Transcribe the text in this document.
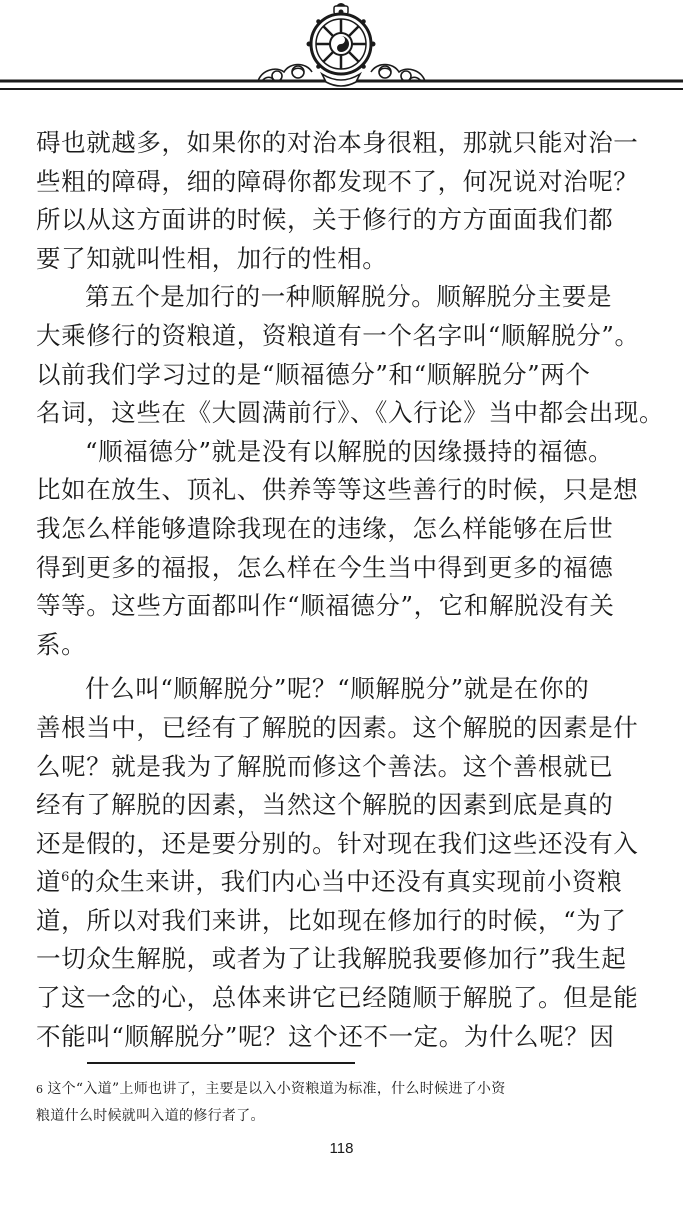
碍也就越多，如果你的对治本身很粗，那就只能对治一
些粗的障碍，细的障碍你都发现不了，何况说对治呢？
所以从这方面讲的时候，关于修行的方方面面我们都
要了知就叫性相，加行的性相。

第五个是加行的一种顺解脱分。顺解脱分主要是
大乘修行的资粮道，资粮道有一个名字叫“顺解脱分”。
以前我们学习过的是“顺福德分”和“顺解脱分”两个
名词，这些在《大圆满前行》、《入行论》当中都会出现。

“顺福德分”就是没有以解脱的因缘摄持的福德。
比如在放生、顶礼、供养等等这些善行的时候，只是想
我怎么样能够遣除我现在的违缘，怎么样能够在后世
得到更多的福报，怎么样在今生当中得到更多的福德
等等。这些方面都叫作“顺福德分”，它和解脱没有关
系。

什么叫“顺解脱分”呢？“顺解脱分”就是在你的
善根当中，已经有了解脱的因素。这个解脱的因素是什
么呢？就是我为了解脱而修这个善法。这个善根就已
经有了解脱的因素，当然这个解脱的因素到底是真的
还是假的，还是要分别的。针对现在我们这些还没有入

道$^6$的众生来讲，我们内心当中还没有真实现前小资粮
道，所以对我们来讲，比如现在修加行的时候，“为了
一切众生解脱，或者为了让我解脱我要修加行”我生起
了这一念的心，总体来讲它已经随顺于解脱了。但是能
不能叫“顺解脱分”呢？这个还不一定。为什么呢？因

6 这个“入道”上师也讲了，主要是以入小资粮道为标准，什么时候进了小资
粮道什么时候就叫入道的修行者了。
118
